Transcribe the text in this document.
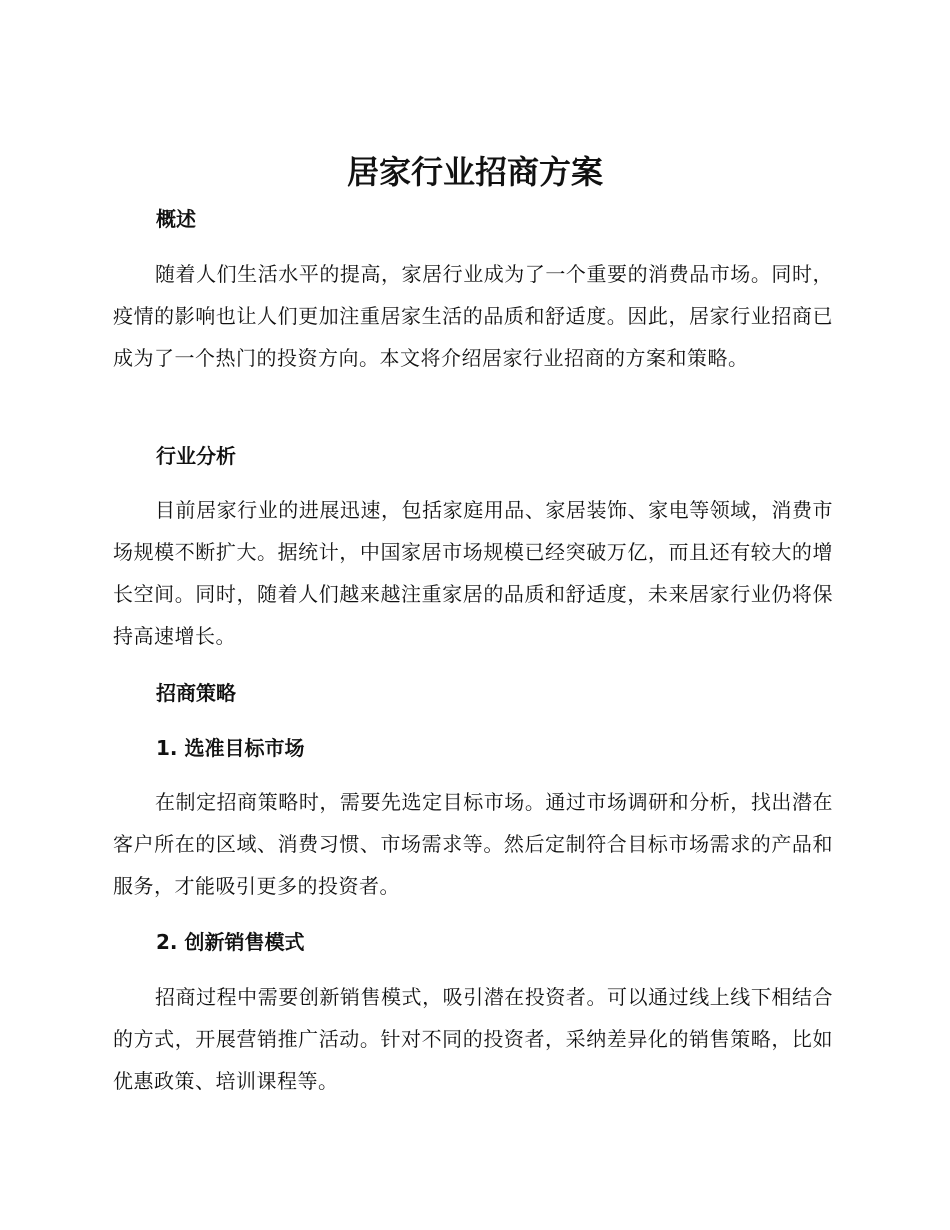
居家行业招商方案
概述

随着人们生活水平的提高，家居行业成为了一个重要的消费品市场。同时，疫情的影响也让人们更加注重居家生活的品质和舒适度。因此，居家行业招商已成为了一个热门的投资方向。本文将介绍居家行业招商的方案和策略。

行业分析

目前居家行业的进展迅速，包括家庭用品、家居装饰、家电等领域，消费市场规模不断扩大。据统计，中国家居市场规模已经突破万亿，而且还有较大的增长空间。同时，随着人们越来越注重家居的品质和舒适度，未来居家行业仍将保持高速增长。

招商策略
1. 选准目标市场

在制定招商策略时，需要先选定目标市场。通过市场调研和分析，找出潜在客户所在的区域、消费习惯、市场需求等。然后定制符合目标市场需求的产品和服务，才能吸引更多的投资者。

2. 创新销售模式

招商过程中需要创新销售模式，吸引潜在投资者。可以通过线上线下相结合的方式，开展营销推广活动。针对不同的投资者，采纳差异化的销售策略，比如优惠政策、培训课程等。
